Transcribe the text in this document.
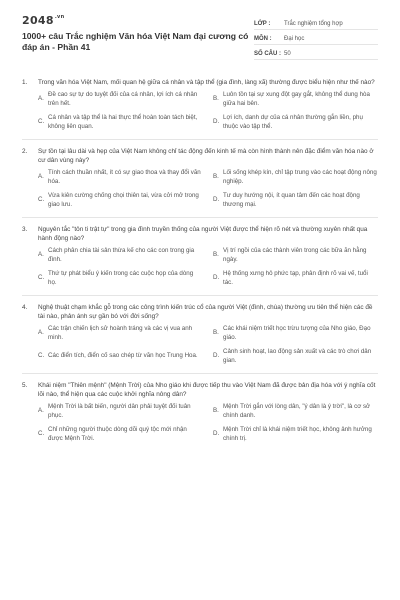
$2048^{.vn}$
1000+ câu Trắc nghiệm Văn hóa Việt Nam đại cương có đáp án - Phần 41
LỚP :	Trắc nghiệm tổng hợp
MÔN :	Đại học
SỐ CÂU : 50
1.	Trong văn hóa Việt Nam, mối quan hệ giữa cá nhân và tập thể (gia đình, làng xã) thường được biểu hiện như thế nào?
A.
Đề cao sự tự do tuyệt đối của cá nhân, lợi ích cá nhân trên hết.
B.
Luôn tồn tại sự xung đột gay gắt, không thể dung hòa giữa hai bên.
C.
Cá nhân và tập thể là hai thực thể hoàn toàn tách biệt, không liên quan.
D.
Lợi ích, danh dự của cá nhân thường gắn liền, phụ thuộc vào tập thể.
2.	Sự tồn tại lâu dài và hẹp của Việt Nam không chỉ tác động đến kinh tế mà còn hình thành nên đặc điểm văn hóa nào ở cư dân vùng này?
A.
Tính cách thuần nhất, ít có sự giao thoa và thay đổi văn hóa.
B.
Lối sống khép kín, chỉ tập trung vào các hoạt động nông nghiệp.
C.
Vừa kiên cường chống chọi thiên tai, vừa cởi mở trong giao lưu.
D.
Tư duy hướng nội, ít quan tâm đến các hoạt động thương mại.
3.	Nguyên tắc "tôn ti trật tự" trong gia đình truyền thống của người Việt được thể hiện rõ nét và thường xuyên nhất qua hành động nào?
A.
Cách phân chia tài sản thừa kế cho các con trong gia đình.
B.
Vị trí ngồi của các thành viên trong các bữa ăn hằng ngày.
C.
Thứ tự phát biểu ý kiến trong các cuộc họp của dòng họ.
D.
Hệ thống xưng hô phức tạp, phân định rõ vai vế, tuổi tác.
4.	Nghệ thuật chạm khắc gỗ trong các công trình kiến trúc cổ của người Việt (đình, chùa) thường ưu tiên thể hiện các đề tài nào, phản ánh sự gần bó với đời sống?
A.
Các trận chiến lịch sử hoành tráng và các vị vua anh minh.
B.
Các khái niệm triết học trừu tượng của Nho giáo, Đạo giáo.
C. Các điển tích, điển cố sao chép từ văn học Trung Hoa.	D.
Cảnh sinh hoạt, lao động sản xuất và các trò chơi dân gian.
5.	Khái niệm "Thiên mệnh" (Mệnh Trời) của Nho giáo khi được tiếp thu vào Việt Nam đã được bản địa hóa với ý nghĩa cốt lõi nào, thể hiện qua các cuộc khởi nghĩa nông dân?
A.
Mệnh Trời là bất biến, người dân phải tuyệt đối tuân phục.
B.
Mệnh Trời gắn với lòng dân, "ý dân là ý trời", là cơ sở chính danh.
C.
Chỉ những người thuộc dòng dõi quý tộc mới nhận được Mệnh Trời.
D.
Mệnh Trời chỉ là khái niệm triết học, không ảnh hưởng chính trị.
